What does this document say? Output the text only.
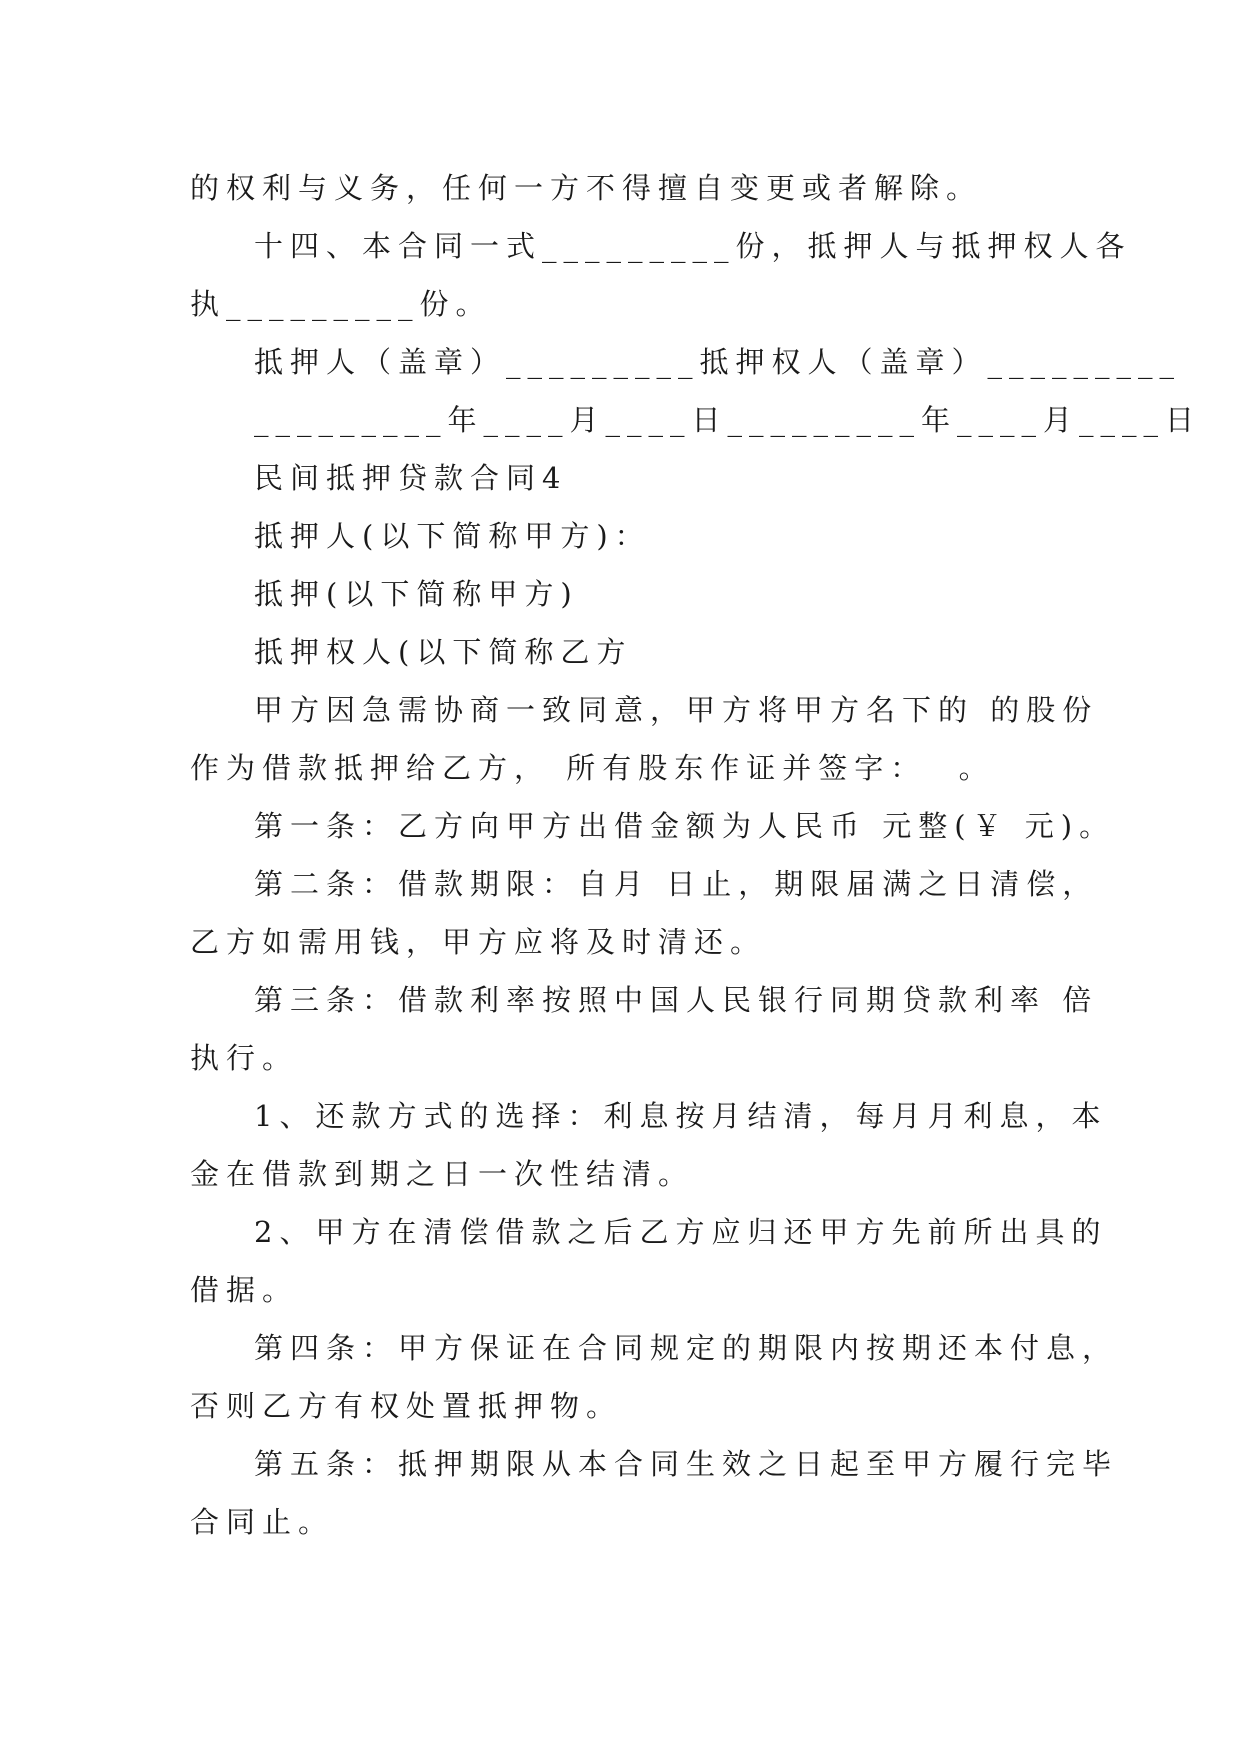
的权利与义务，任何一方不得擅自变更或者解除。
十四、本合同一式_________份，抵押人与抵押权人各
执_________份。
抵押人（盖章）_________抵押权人（盖章）_________
_________年____月____日_________年____月____日
民间抵押贷款合同4
抵押人(以下简称甲方)：
抵押(以下简称甲方)
抵押权人(以下简称乙方
甲方因急需协商一致同意，甲方将甲方名下的 的股份
作为借款抵押给乙方， 所有股东作证并签字：  。
第一条：乙方向甲方出借金额为人民币 元整(￥ 元)。
第二条：借款期限：自月 日止，期限届满之日清偿，
乙方如需用钱，甲方应将及时清还。
第三条：借款利率按照中国人民银行同期贷款利率 倍
执行。
1、还款方式的选择：利息按月结清，每月月利息，本
金在借款到期之日一次性结清。
2、甲方在清偿借款之后乙方应归还甲方先前所出具的
借据。
第四条：甲方保证在合同规定的期限内按期还本付息，
否则乙方有权处置抵押物。
第五条：抵押期限从本合同生效之日起至甲方履行完毕
合同止。
